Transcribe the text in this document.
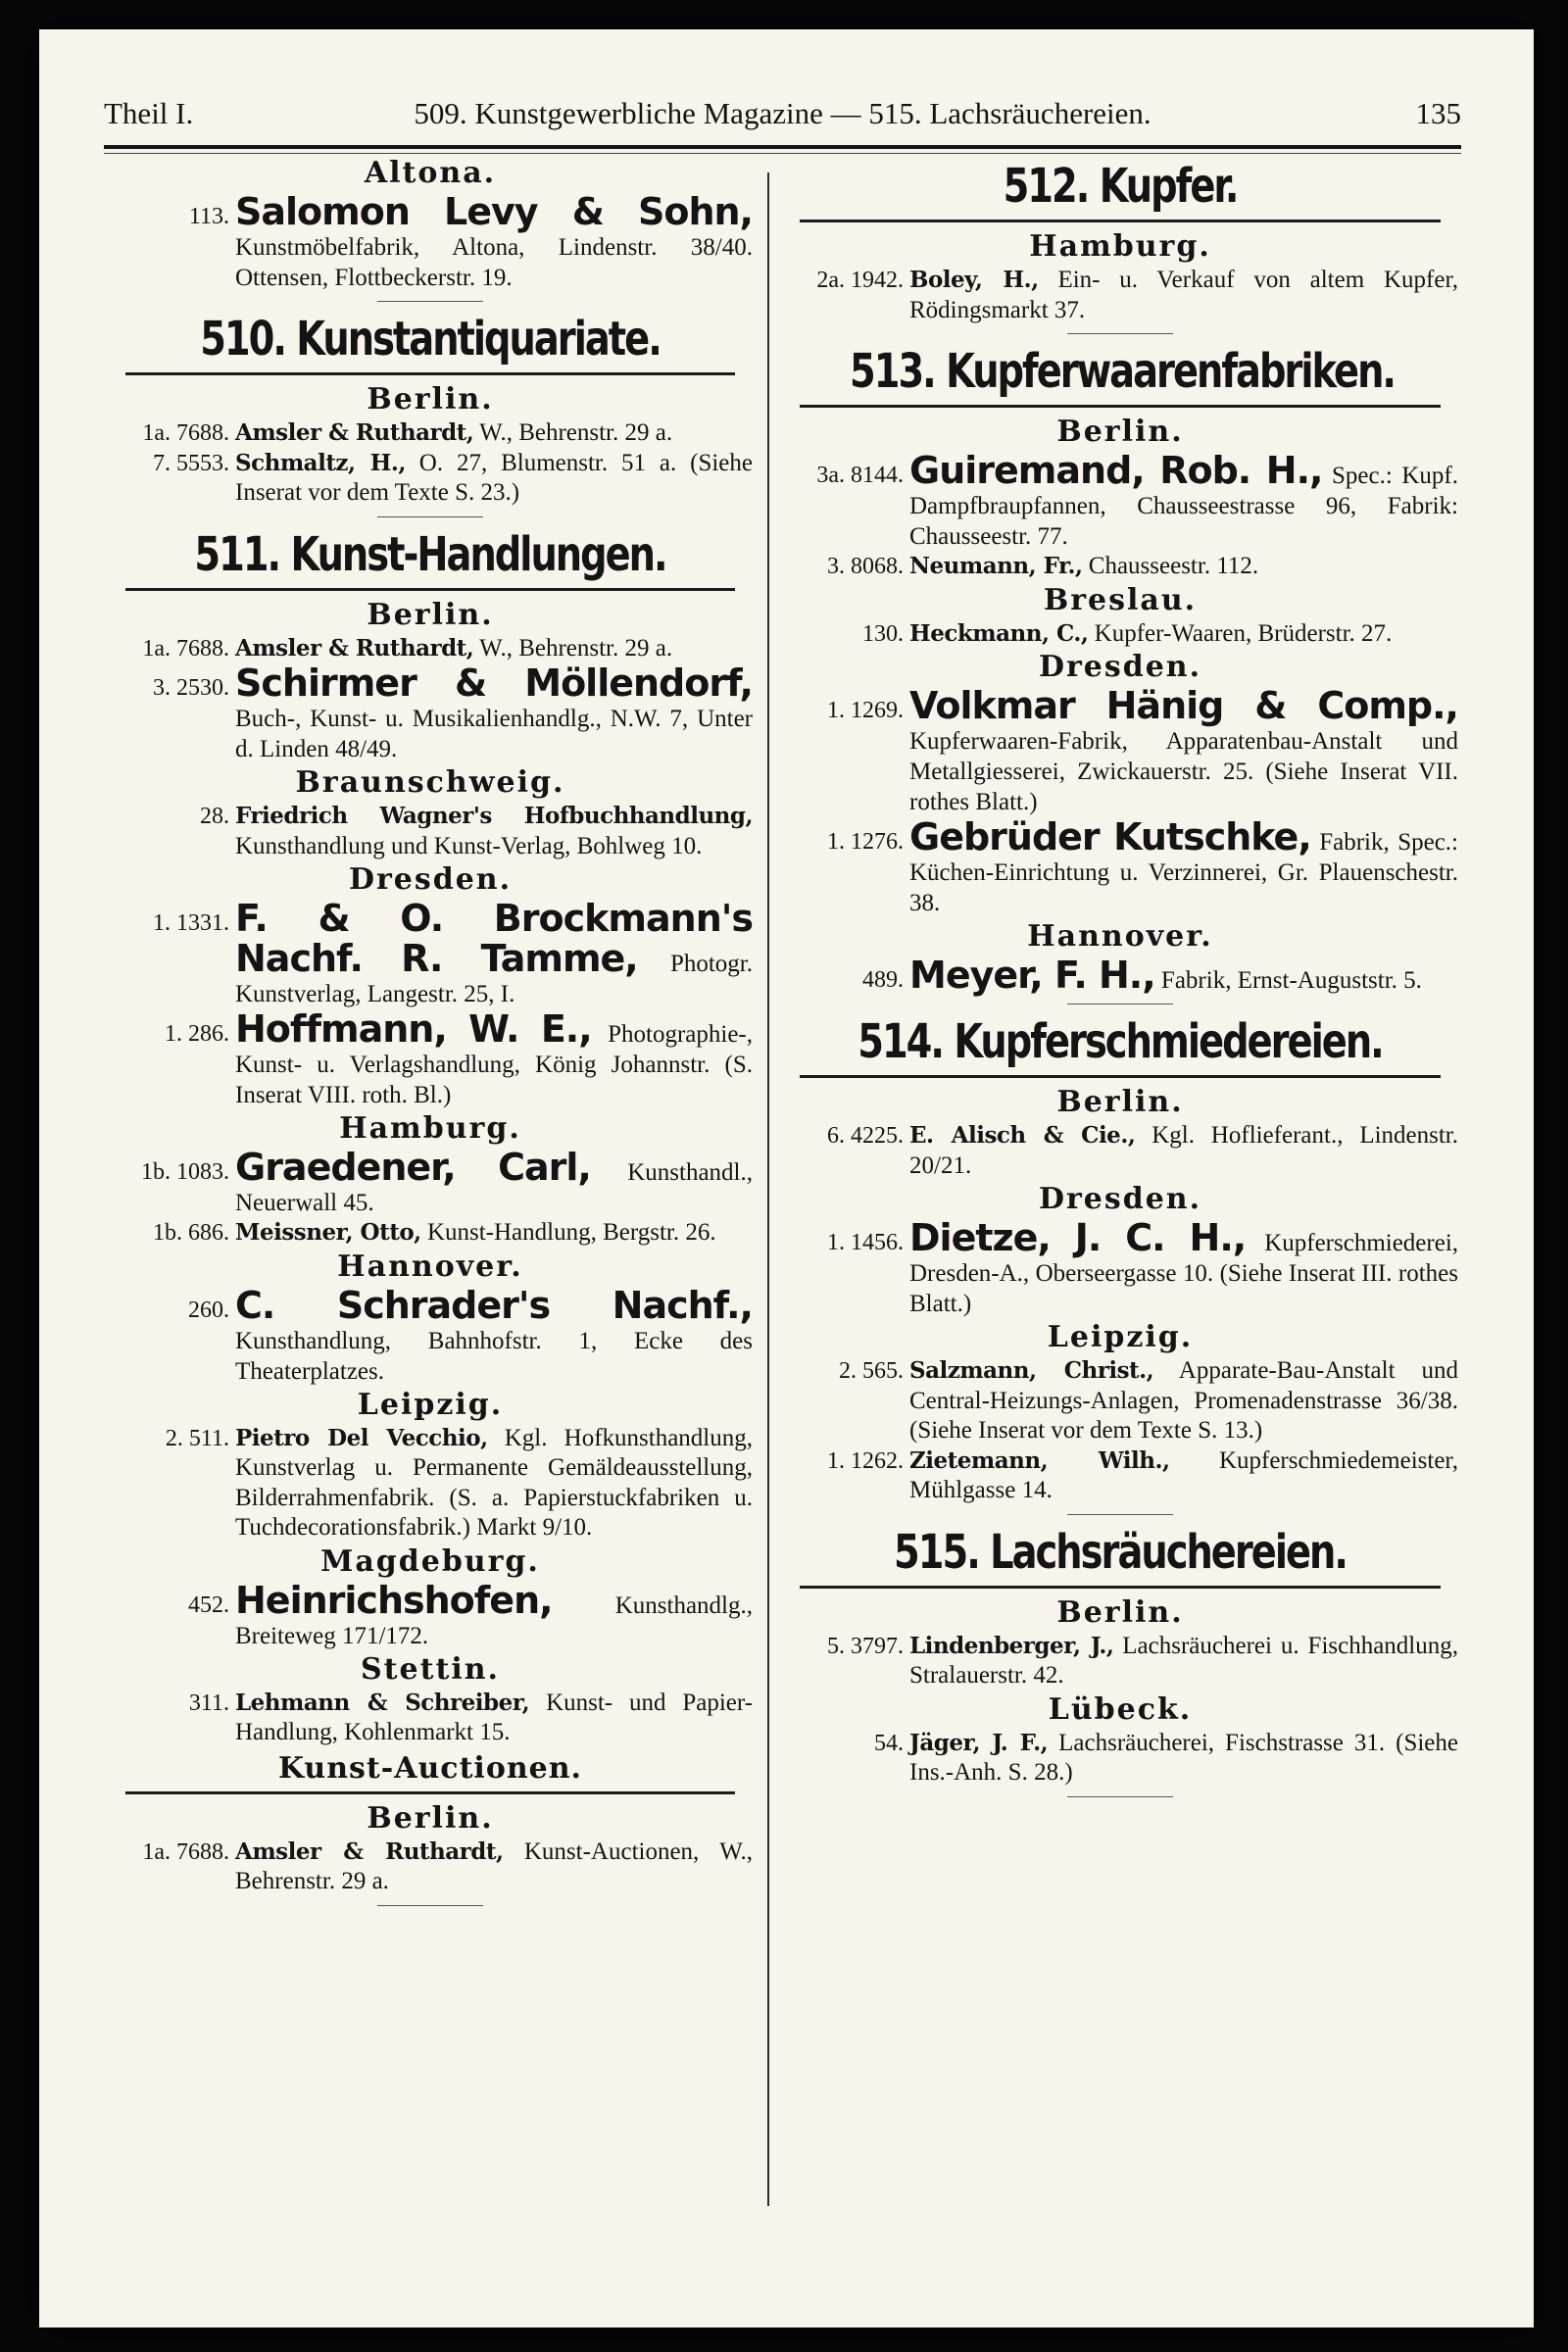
Theil I.	509. Kunstgewerbliche Magazine — 515. Lachsräuchereien.	135
Altona.
113. Salomon Levy & Sohn, Kunstmöbelfabrik, Altona, Lindenstr. 38/40. Ottensen, Flottbeckerstr. 19.
510. Kunstantiquariate.
Berlin.
1a. 7688. Amsler & Ruthardt, W., Behrenstr. 29 a.
7. 5553. Schmaltz, H., O. 27, Blumenstr. 51 a. (Siehe Inserat vor dem Texte S. 23.)
511. Kunst-Handlungen.
Berlin.
1a. 7688. Amsler & Ruthardt, W., Behrenstr. 29 a.
3. 2530. Schirmer & Möllendorf, Buch-, Kunst- u. Musikalienhandlg., N.W. 7, Unter d. Linden 48/49.
Braunschweig.
28. Friedrich Wagner's Hofbuchhandlung, Kunsthandlung und Kunst-Verlag, Bohlweg 10.
Dresden.
1. 1331. F. & O. Brockmann's Nachf. R. Tamme, Photogr. Kunstverlag, Langestr. 25, I.
1. 286. Hoffmann, W. E., Photographie-, Kunst- u. Verlagshandlung, König Johannstr. (S. Inserat VIII. roth. Bl.)
Hamburg.
1b. 1083. Graedener, Carl, Kunsthandl., Neuerwall 45.
1b. 686. Meissner, Otto, Kunst-Handlung, Bergstr. 26.
Hannover.
260. C. Schrader's Nachf., Kunsthandlung, Bahnhofstr. 1, Ecke des Theaterplatzes.
Leipzig.
2. 511. Pietro Del Vecchio, Kgl. Hofkunsthandlung, Kunstverlag u. Permanente Gemäldeausstellung, Bilderrahmenfabrik. (S. a. Papierstuckfabriken u. Tuchdecorationsfabrik.) Markt 9/10.
Magdeburg.
452. Heinrichshofen,	Kunsthandlg., Breiteweg 171/172.
Stettin.
311. Lehmann & Schreiber, Kunst- und Papier-Handlung, Kohlenmarkt 15.
Kunst-Auctionen.
Berlin.
1a. 7688. Amsler & Ruthardt, Kunst-Auctionen, W., Behrenstr. 29 a.
512. Kupfer.
Hamburg.
2a. 1942. Boley, H., Ein- u. Verkauf von altem Kupfer, Rödingsmarkt 37.
513. Kupferwaarenfabriken.
Berlin.
3a. 8144. Guiremand, Rob. H., Spec.: Kupf. Dampfbraupfannen, Chausseestrasse 96, Fabrik: Chausseestr. 77.
3. 8068. Neumann, Fr., Chausseestr. 112.
Breslau.
130. Heckmann, C., Kupfer-Waaren, Brüderstr. 27.
Dresden.
1. 1269. Volkmar Hänig & Comp., Kupferwaaren-Fabrik, Apparatenbau-Anstalt und Metallgiesserei, Zwickauerstr. 25. (Siehe Inserat VII. rothes Blatt.)
1. 1276. Gebrüder Kutschke, Fabrik, Spec.: Küchen-Einrichtung u. Verzinnerei, Gr. Plauenschestr. 38.
Hannover.
489. Meyer, F. H., Fabrik, Ernst-Auguststr. 5.
514. Kupferschmiedereien.
Berlin.
6. 4225. E. Alisch & Cie., Kgl. Hoflieferant., Lindenstr. 20/21.
Dresden.
1. 1456. Dietze, J. C. H., Kupferschmiederei, Dresden-A., Oberseergasse 10. (Siehe Inserat III. rothes Blatt.)
Leipzig.
2. 565. Salzmann, Christ., Apparate-Bau-Anstalt und Central-Heizungs-Anlagen, Promenadenstrasse 36/38. (Siehe Inserat vor dem Texte S. 13.)
1. 1262. Zietemann, Wilh., Kupferschmiedemeister, Mühlgasse 14.
515. Lachsräuchereien.
Berlin.
5. 3797. Lindenberger, J., Lachsräucherei u. Fischhandlung, Stralauerstr. 42.
Lübeck.
54. Jäger, J. F., Lachsräucherei, Fischstrasse 31. (Siehe Ins.-Anh. S. 28.)
